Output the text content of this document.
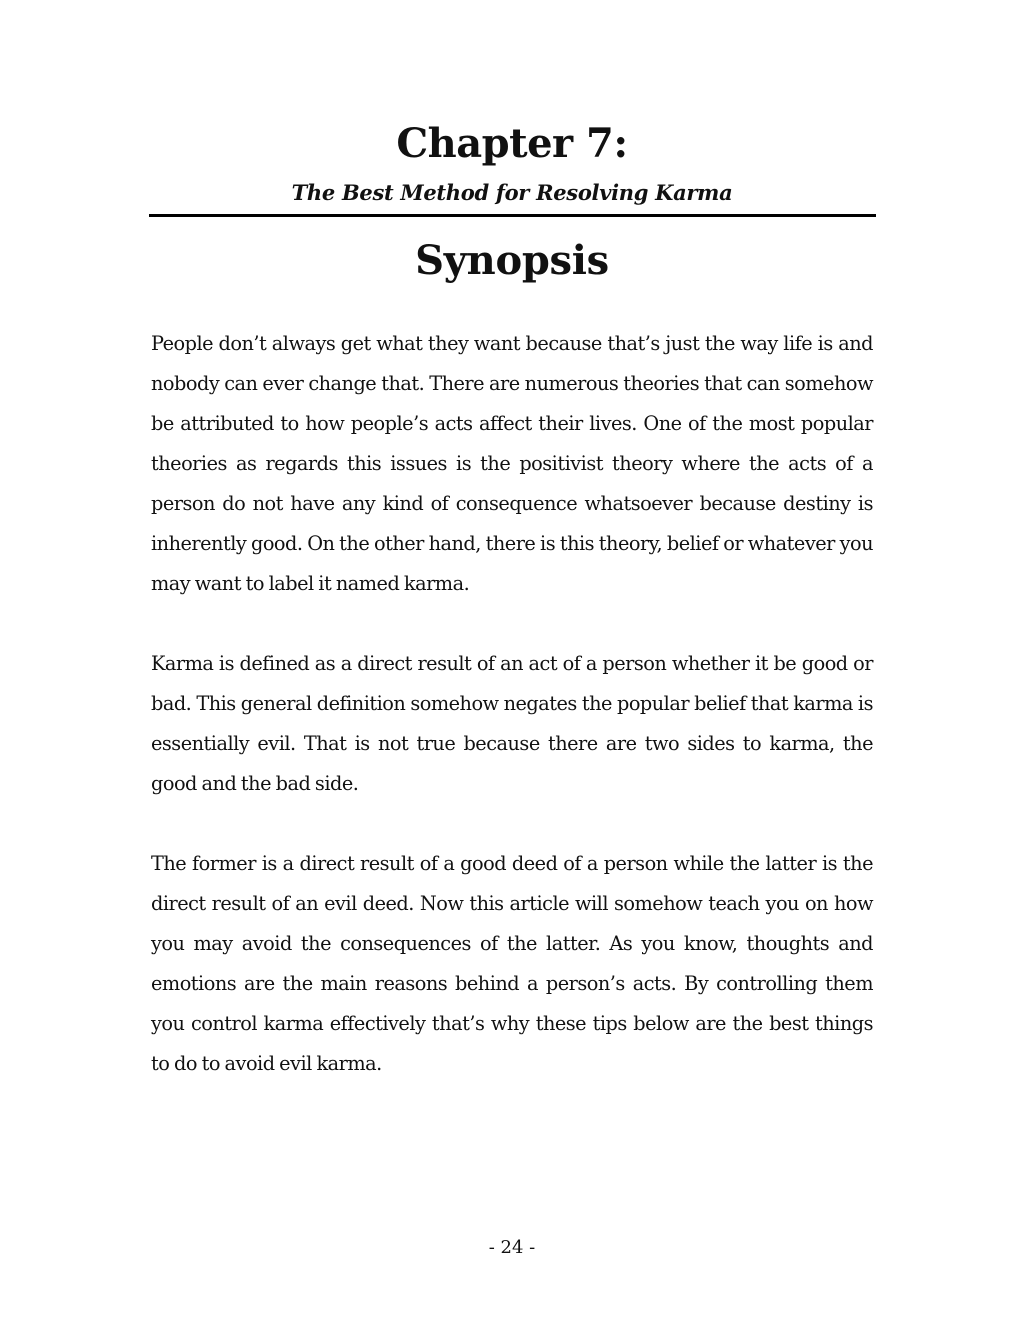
Chapter 7:
The Best Method for Resolving Karma
Synopsis

People don’t always get what they want because that’s just the way life is and nobody can ever change that. There are numerous theories that can somehow be attributed to how people’s acts affect their lives. One of the most popular theories as regards this issues is the positivist theory where the acts of a person do not have any kind of consequence whatsoever because destiny is inherently good. On the other hand, there is this theory, belief or whatever you may want to label it named karma.

Karma is defined as a direct result of an act of a person whether it be good or bad. This general definition somehow negates the popular belief that karma is essentially evil. That is not true because there are two sides to karma, the good and the bad side.

The former is a direct result of a good deed of a person while the latter is the direct result of an evil deed. Now this article will somehow teach you on how you may avoid the consequences of the latter. As you know, thoughts and emotions are the main reasons behind a person’s acts. By controlling them you control karma effectively that’s why these tips below are the best things to do to avoid evil karma.

- 24 -
